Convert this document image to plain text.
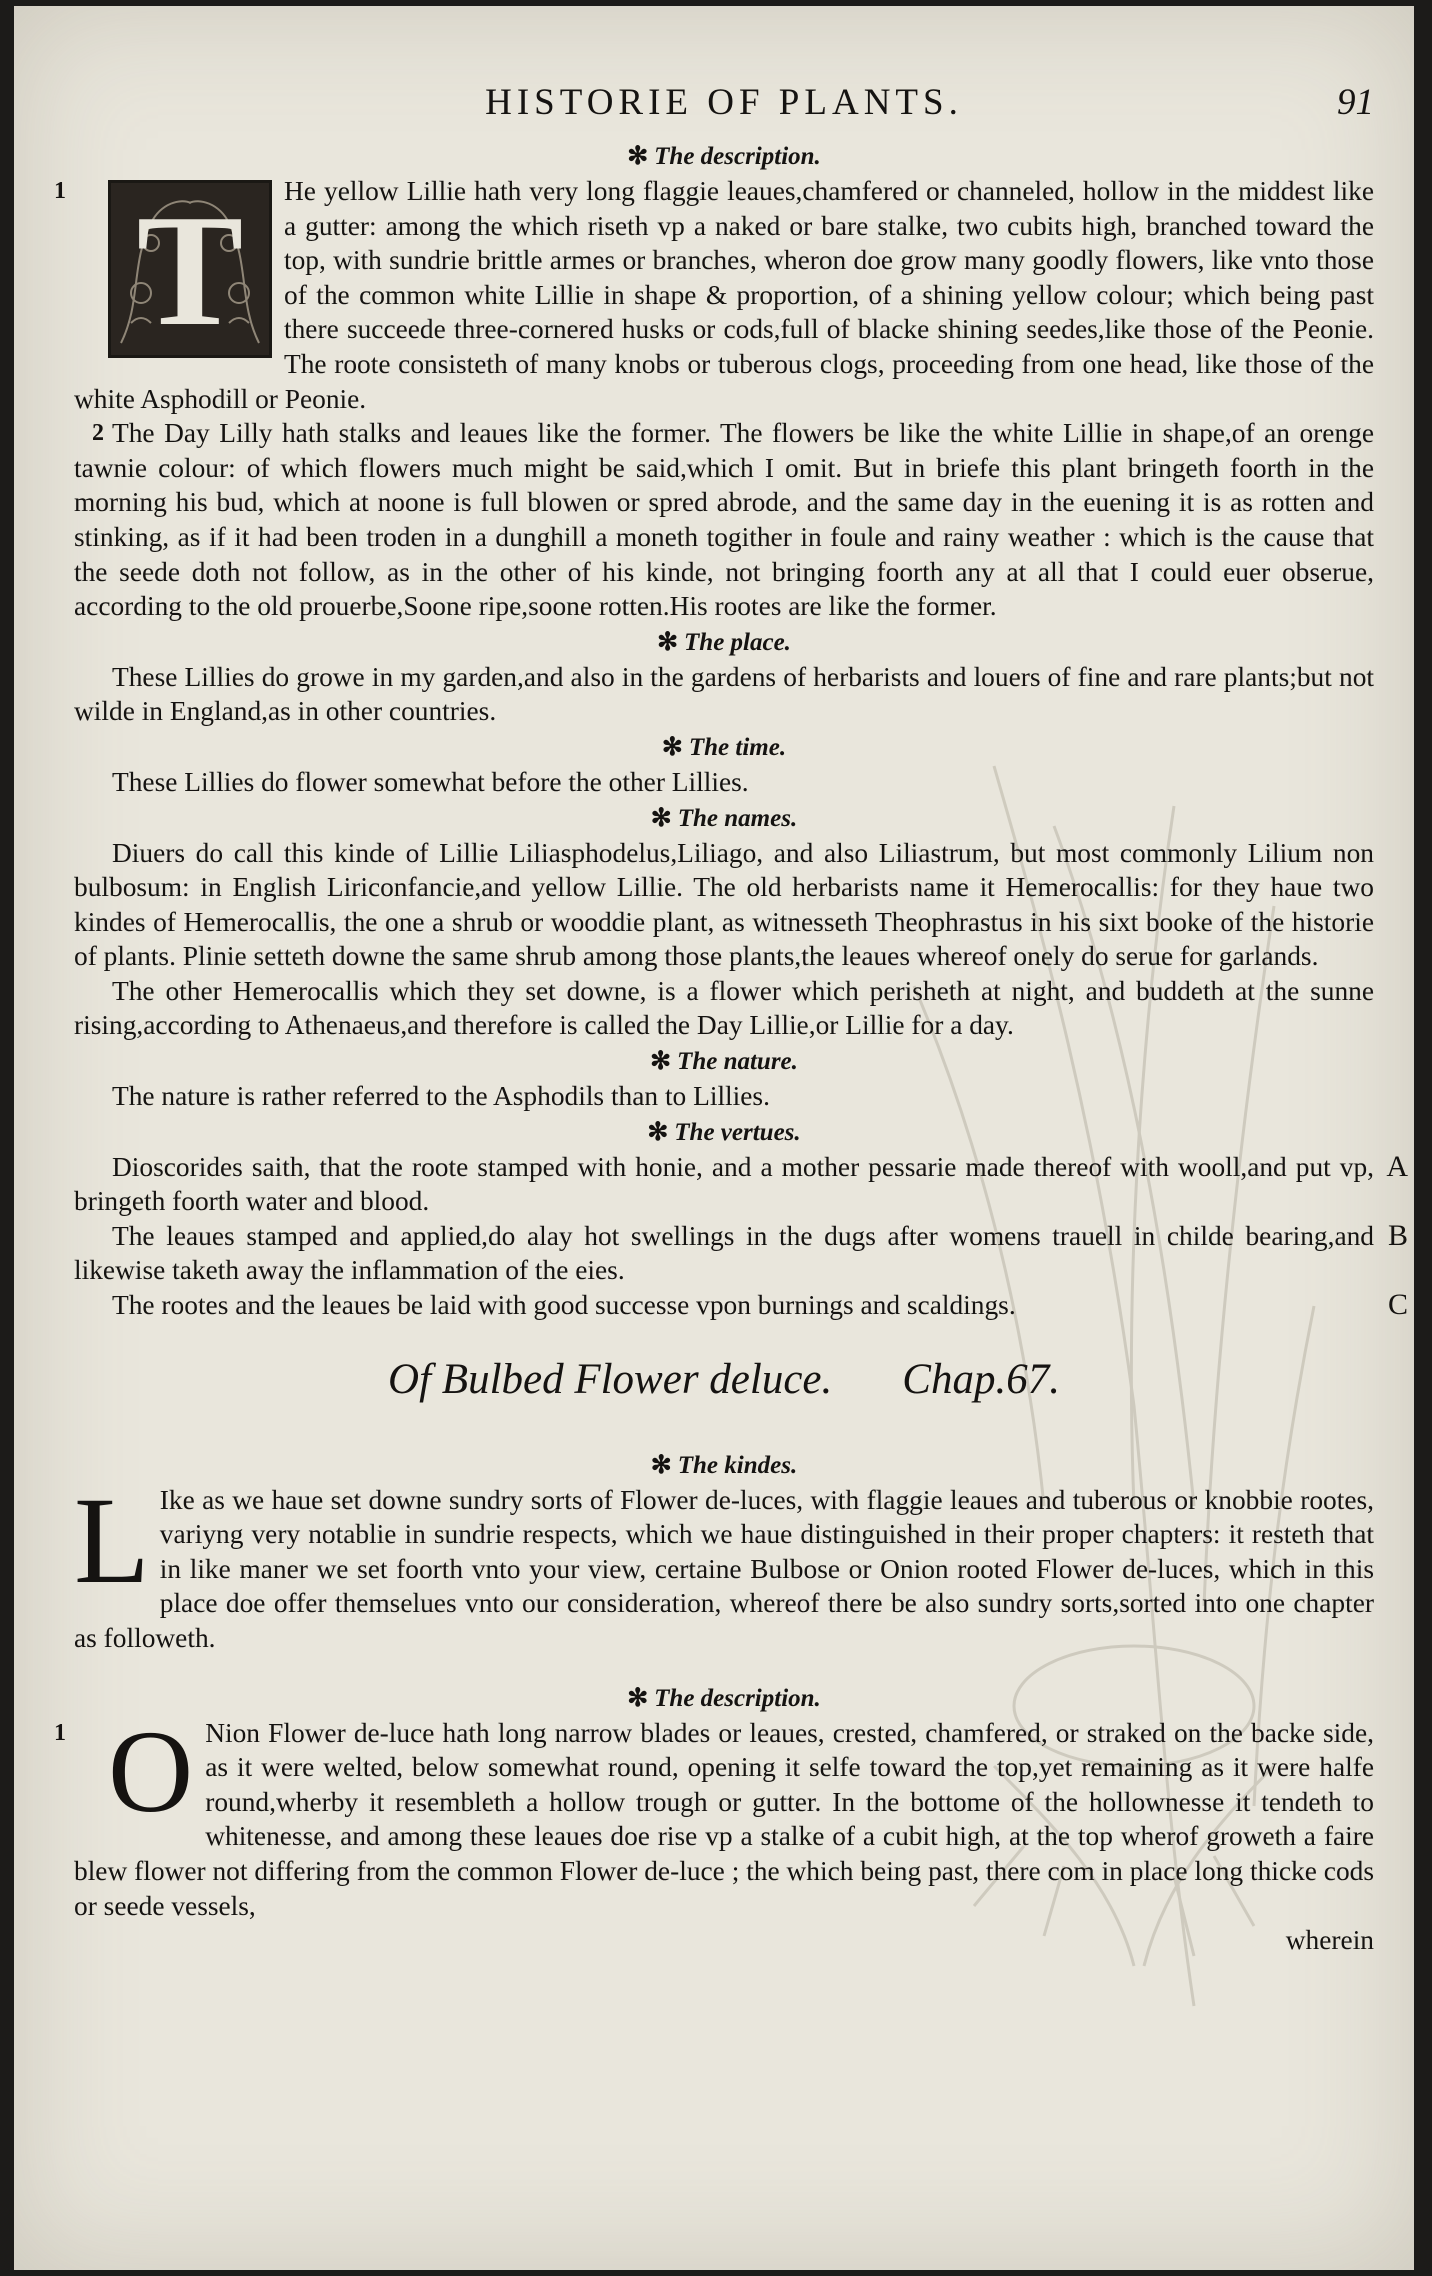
HISTORIE OF PLANTS.	91
✻ The description.
1 T	He yellow Lillie hath very long flaggie leaues,chamfered or channeled, hollow in the middest like a gutter: among the which riseth vp a naked or bare stalke, two cubits high, branched toward the top, with sundrie brittle armes or branches, wheron doe grow many goodly flowers, like vnto those of the common white Lillie in shape & proportion, of a shining yellow colour; which being past there succeede three-cornered husks or cods,full of blacke shining seedes,like those of the Peonie. The roote consisteth of many knobs or tuberous clogs, proceeding from one head, like those of the white Asphodill or Peonie.

2 The Day Lilly hath stalks and leaues like the former. The flowers be like the white Lillie in shape,of an orenge tawnie colour: of which flowers much might be said,which I omit. But in briefe this plant bringeth foorth in the morning his bud, which at noone is full blowen or spred abrode, and the same day in the euening it is as rotten and stinking, as if it had been troden in a dunghill a moneth togither in foule and rainy weather : which is the cause that the seede doth not follow, as in the other of his kinde, not bringing foorth any at all that I could euer obserue, according to the old prouerbe,Soone ripe,soone rotten.His rootes are like the former.

✻ The place.

These Lillies do growe in my garden,and also in the gardens of herbarists and louers of fine and rare plants;but not wilde in England,as in other countries.

✻ The time.

These Lillies do flower somewhat before the other Lillies.

✻ The names.

Diuers do call this kinde of Lillie Liliasphodelus,Liliago, and also Liliastrum, but most commonly Lilium non bulbosum: in English Liriconfancie,and yellow Lillie. The old herbarists name it Hemerocallis: for they haue two kindes of Hemerocallis, the one a shrub or wooddie plant, as witnesseth Theophrastus in his sixt booke of the historie of plants. Plinie setteth downe the same shrub among those plants,the leaues whereof onely do serue for garlands.

The other Hemerocallis which they set downe, is a flower which perisheth at night, and buddeth at the sunne rising,according to Athenaeus,and therefore is called the Day Lillie,or Lillie for a day.

✻ The nature.

The nature is rather referred to the Asphodils than to Lillies.

✻ The vertues.

Dioscorides saith, that the roote stamped with honie, and a mother pessarie made thereof with wooll,and put vp, bringeth foorth water and blood.

A

The leaues stamped and applied,do alay hot swellings in the dugs after womens trauell in childe bearing,and likewise taketh away the inflammation of the eies.

B

The rootes and the leaues be laid with good successe vpon burnings and scaldings.	C
Of Bulbed Flower deluce. Chap.67.
✻ The kindes.
L Ike as we haue set downe sundry sorts of Flower de-luces, with flaggie leaues and tuberous or knobbie rootes, variyng very notablie in sundrie respects, which we haue distinguished in their proper chapters: it resteth that in like maner we set foorth vnto your view, certaine Bulbose or Onion rooted Flower de-luces, which in this place doe offer themselues vnto our consideration, whereof there be also sundry sorts,sorted into one chapter as followeth.

✻ The description.
1 O Nion Flower de-luce hath long narrow blades or leaues, crested, chamfered, or straked on the backe side, as it were welted, below somewhat round, opening it selfe toward the top,yet remaining as it were halfe round,wherby it resembleth a hollow trough or gutter. In the bottome of the hollownesse it tendeth to whitenesse, and among these leaues doe rise vp a stalke of a cubit high, at the top wherof groweth a faire blew flower not differing from the common Flower de-luce ; the which being past, there com in place long thicke cods or seede vessels,

wherein
